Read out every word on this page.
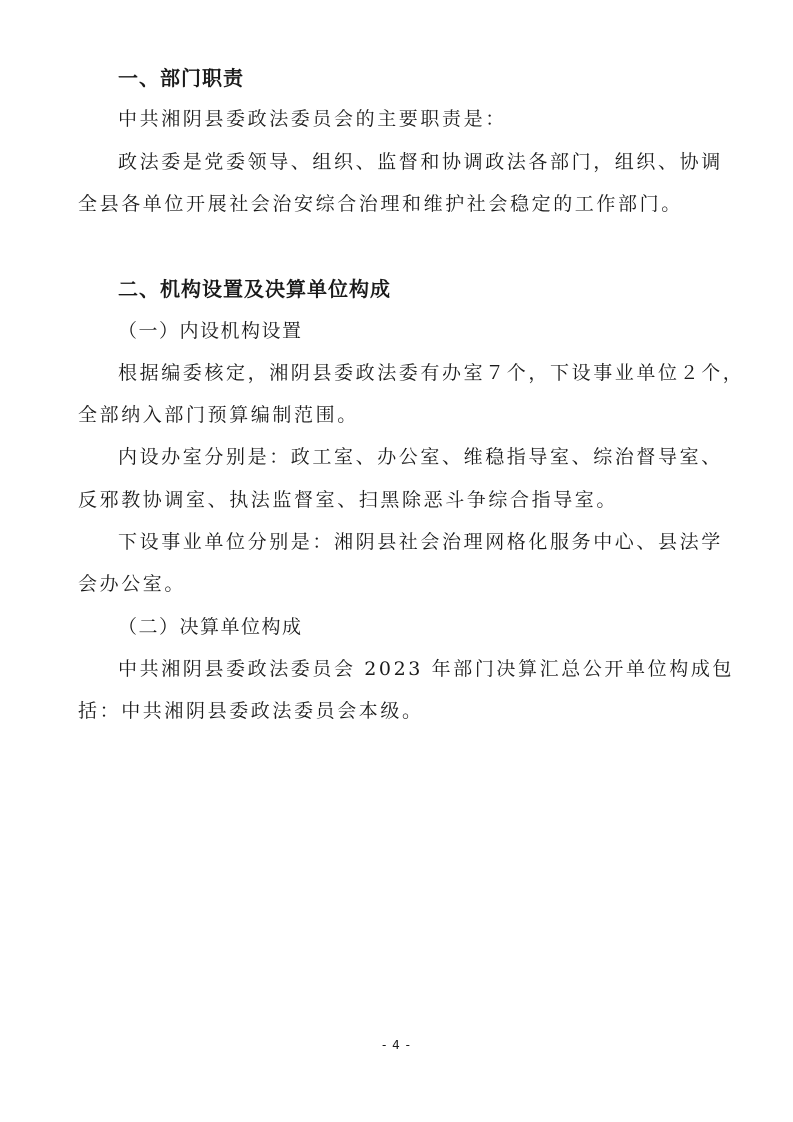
一、部门职责
中共湘阴县委政法委员会的主要职责是：
政法委是党委领导、组织、监督和协调政法各部门，组织、协调
全县各单位开展社会治安综合治理和维护社会稳定的工作部门。
二、机构设置及决算单位构成
（一）内设机构设置
根据编委核定，湘阴县委政法委有办室７个，下设事业单位２个，
全部纳入部门预算编制范围。
内设办室分别是：政工室、办公室、维稳指导室、综治督导室、
反邪教协调室、执法监督室、扫黑除恶斗争综合指导室。
下设事业单位分别是：湘阴县社会治理网格化服务中心、县法学
会办公室。
（二）决算单位构成
中共湘阴县委政法委员会 2023 年部门决算汇总公开单位构成包
括：中共湘阴县委政法委员会本级。
- 4 -
